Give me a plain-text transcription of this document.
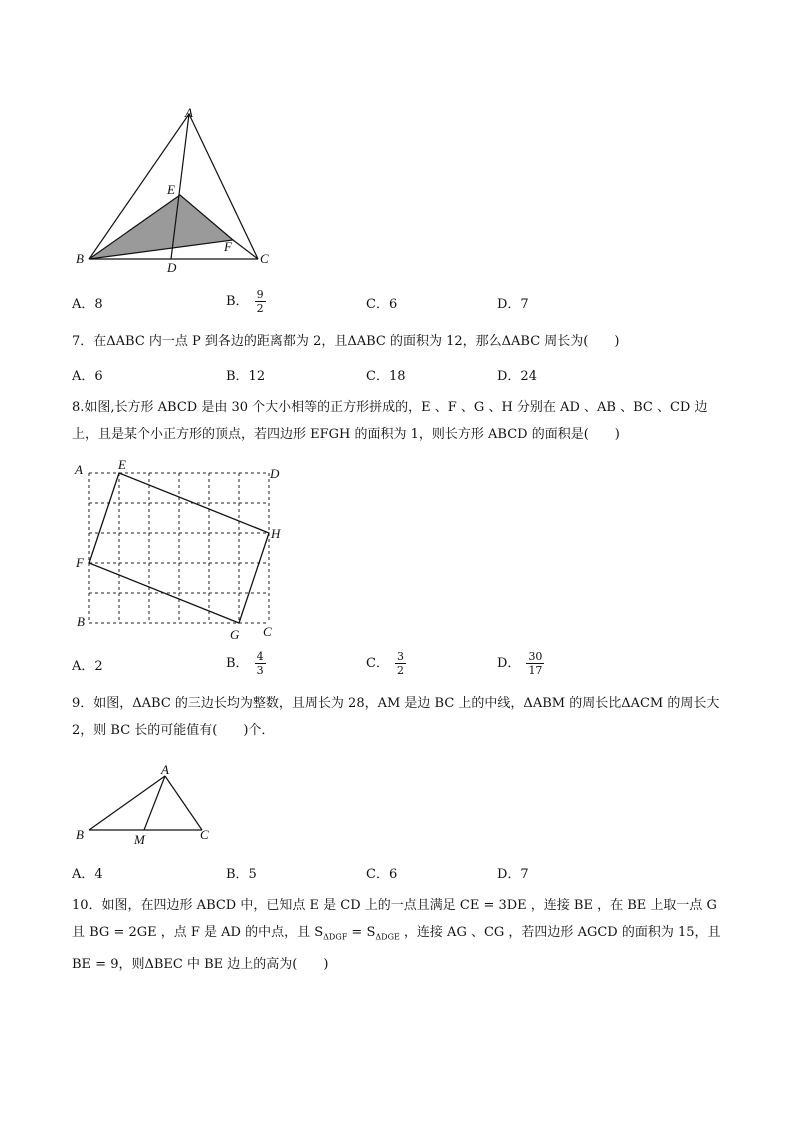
A
B	C
D
E
F
A．8	B． $\frac{9}{2}$	C．6	D．7
7．在ΔABC 内一点 P 到各边的距离都为 2，且ΔABC 的面积为 12，那么ΔABC 周长为(　　)
A．6	B．12	C．18	D．24
8.如图,长方形 ABCD 是由 30 个大小相等的正方形拼成的，E 、F 、G 、H 分别在 AD 、AB 、BC 、CD 边上，且是某个小正方形的顶点，若四边形 EFGH 的面积为 1，则长方形 ABCD 的面积是(　　)
A	E
D
H
F
B
G C
A．2	B． $\frac{4}{3}$	C． $\frac{3}{2}$	D． $\frac{30}{17}$
9．如图，ΔABC 的三边长均为整数，且周长为 28，AM 是边 BC 上的中线，ΔABM 的周长比ΔACM 的周长大 2，则 BC 长的可能值有(　　)个．
A
B	M	C
A．4	B．5	C．6	D．7
10．如图，在四边形 ABCD 中，已知点 E 是 CD 上的一点且满足 CE = 3DE ，连接 BE ，在 BE 上取一点 G
且 BG = 2GE ，点 F 是 AD 的中点，且 $S_{\Delta DGF} = S_{\Delta DGE}$ ，连接 AG 、CG ，若四边形 AGCD 的面积为 15，且
BE = 9，则ΔBEC 中 BE 边上的高为(　　)
